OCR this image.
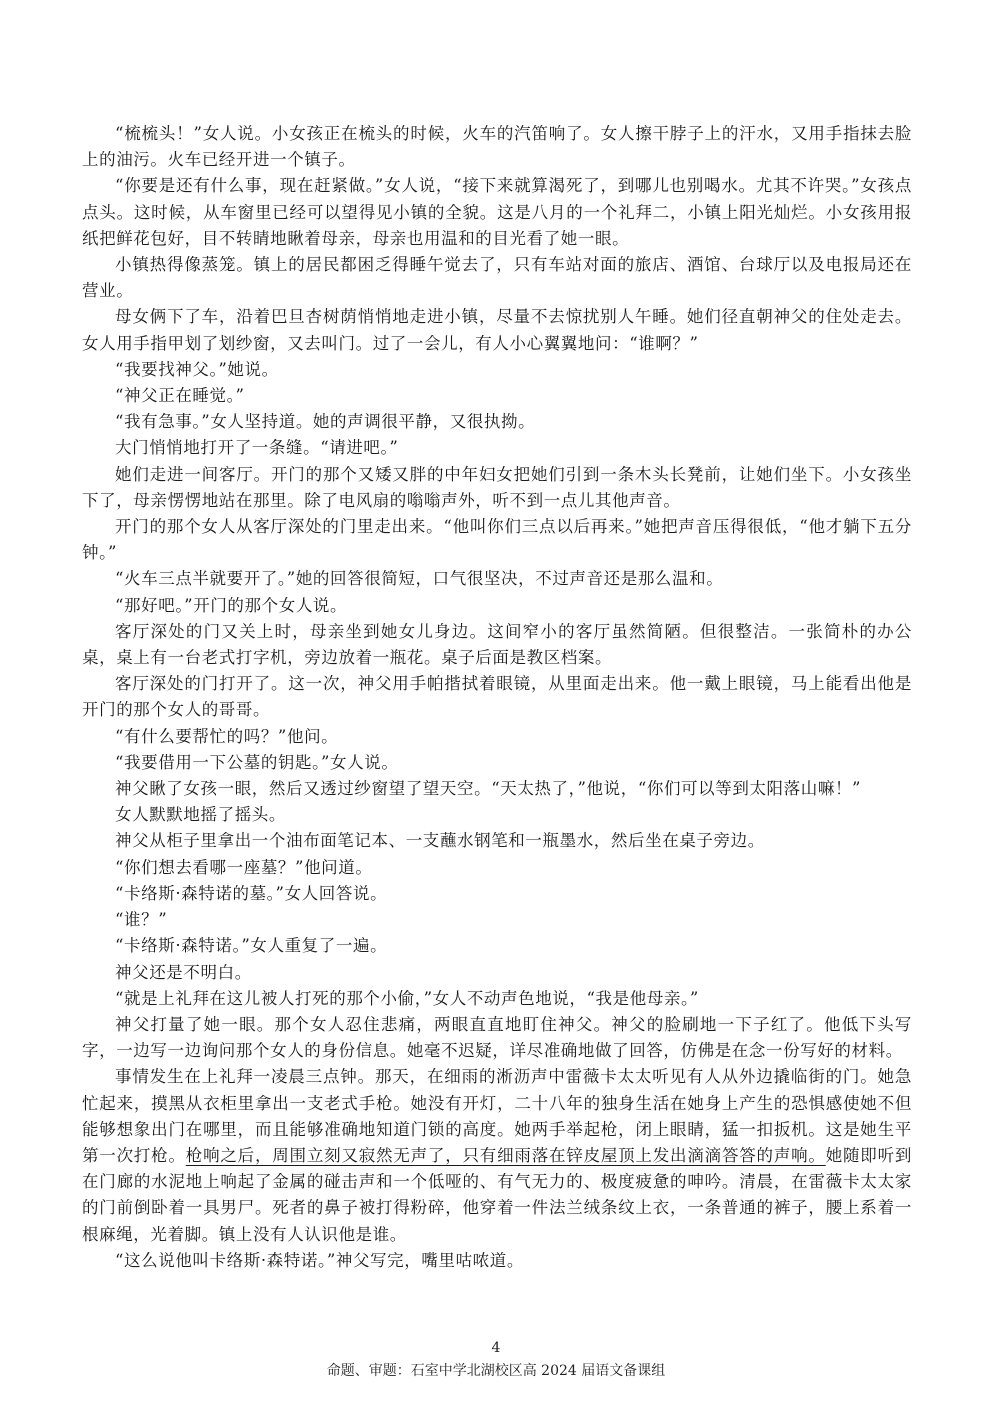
“梳梳头！”女人说。小女孩正在梳头的时候，火车的汽笛响了。女人擦干脖子上的汗水，又用手指抹去脸上的油污。火车已经开进一个镇子。

“你要是还有什么事，现在赶紧做。”女人说，“接下来就算渴死了，到哪儿也别喝水。尤其不许哭。”女孩点点头。这时候，从车窗里已经可以望得见小镇的全貌。这是八月的一个礼拜二，小镇上阳光灿烂。小女孩用报纸把鲜花包好，目不转睛地瞅着母亲，母亲也用温和的目光看了她一眼。

小镇热得像蒸笼。镇上的居民都困乏得睡午觉去了，只有车站对面的旅店、酒馆、台球厅以及电报局还在营业。

母女俩下了车，沿着巴旦杏树荫悄悄地走进小镇，尽量不去惊扰别人午睡。她们径直朝神父的住处走去。女人用手指甲划了划纱窗，又去叫门。过了一会儿，有人小心翼翼地问：“谁啊？”

“我要找神父。”她说。

“神父正在睡觉。”

“我有急事。”女人坚持道。她的声调很平静，又很执拗。

大门悄悄地打开了一条缝。“请进吧。”

她们走进一间客厅。开门的那个又矮又胖的中年妇女把她们引到一条木头长凳前，让她们坐下。小女孩坐下了，母亲愣愣地站在那里。除了电风扇的嗡嗡声外，听不到一点儿其他声音。

开门的那个女人从客厅深处的门里走出来。“他叫你们三点以后再来。”她把声音压得很低，“他才躺下五分钟。”

“火车三点半就要开了。”她的回答很简短，口气很坚决，不过声音还是那么温和。

“那好吧。”开门的那个女人说。

客厅深处的门又关上时，母亲坐到她女儿身边。这间窄小的客厅虽然简陋。但很整洁。一张简朴的办公桌，桌上有一台老式打字机，旁边放着一瓶花。桌子后面是教区档案。

客厅深处的门打开了。这一次，神父用手帕揩拭着眼镜，从里面走出来。他一戴上眼镜，马上能看出他是开门的那个女人的哥哥。

“有什么要帮忙的吗？”他问。

“我要借用一下公墓的钥匙。”女人说。

神父瞅了女孩一眼，然后又透过纱窗望了望天空。“天太热了，”他说，“你们可以等到太阳落山嘛！”

女人默默地摇了摇头。

神父从柜子里拿出一个油布面笔记本、一支蘸水钢笔和一瓶墨水，然后坐在桌子旁边。

“你们想去看哪一座墓？”他问道。

“卡络斯·森特诺的墓。”女人回答说。

“谁？”

“卡络斯·森特诺。”女人重复了一遍。

神父还是不明白。

“就是上礼拜在这儿被人打死的那个小偷，”女人不动声色地说，“我是他母亲。”

神父打量了她一眼。那个女人忍住悲痛，两眼直直地盯住神父。神父的脸刷地一下子红了。他低下头写字，一边写一边询问那个女人的身份信息。她毫不迟疑，详尽准确地做了回答，仿佛是在念一份写好的材料。

事情发生在上礼拜一凌晨三点钟。那天，在细雨的淅沥声中雷薇卡太太听见有人从外边撬临街的门。她急忙起来，摸黑从衣柜里拿出一支老式手枪。她没有开灯，二十八年的独身生活在她身上产生的恐惧感使她不但能够想象出门在哪里，而且能够准确地知道门锁的高度。她两手举起枪，闭上眼睛，猛一扣扳机。这是她生平第一次打枪。枪响之后，周围立刻又寂然无声了，只有细雨落在锌皮屋顶上发出滴滴答答的声响。她随即听到在门廊的水泥地上响起了金属的碰击声和一个低哑的、有气无力的、极度疲惫的呻吟。清晨，在雷薇卡太太家的门前倒卧着一具男尸。死者的鼻子被打得粉碎，他穿着一件法兰绒条纹上衣，一条普通的裤子，腰上系着一根麻绳，光着脚。镇上没有人认识他是谁。

“这么说他叫卡络斯·森特诺。”神父写完，嘴里咕哝道。

4
命题、审题：石室中学北湖校区高 2024 届语文备课组
